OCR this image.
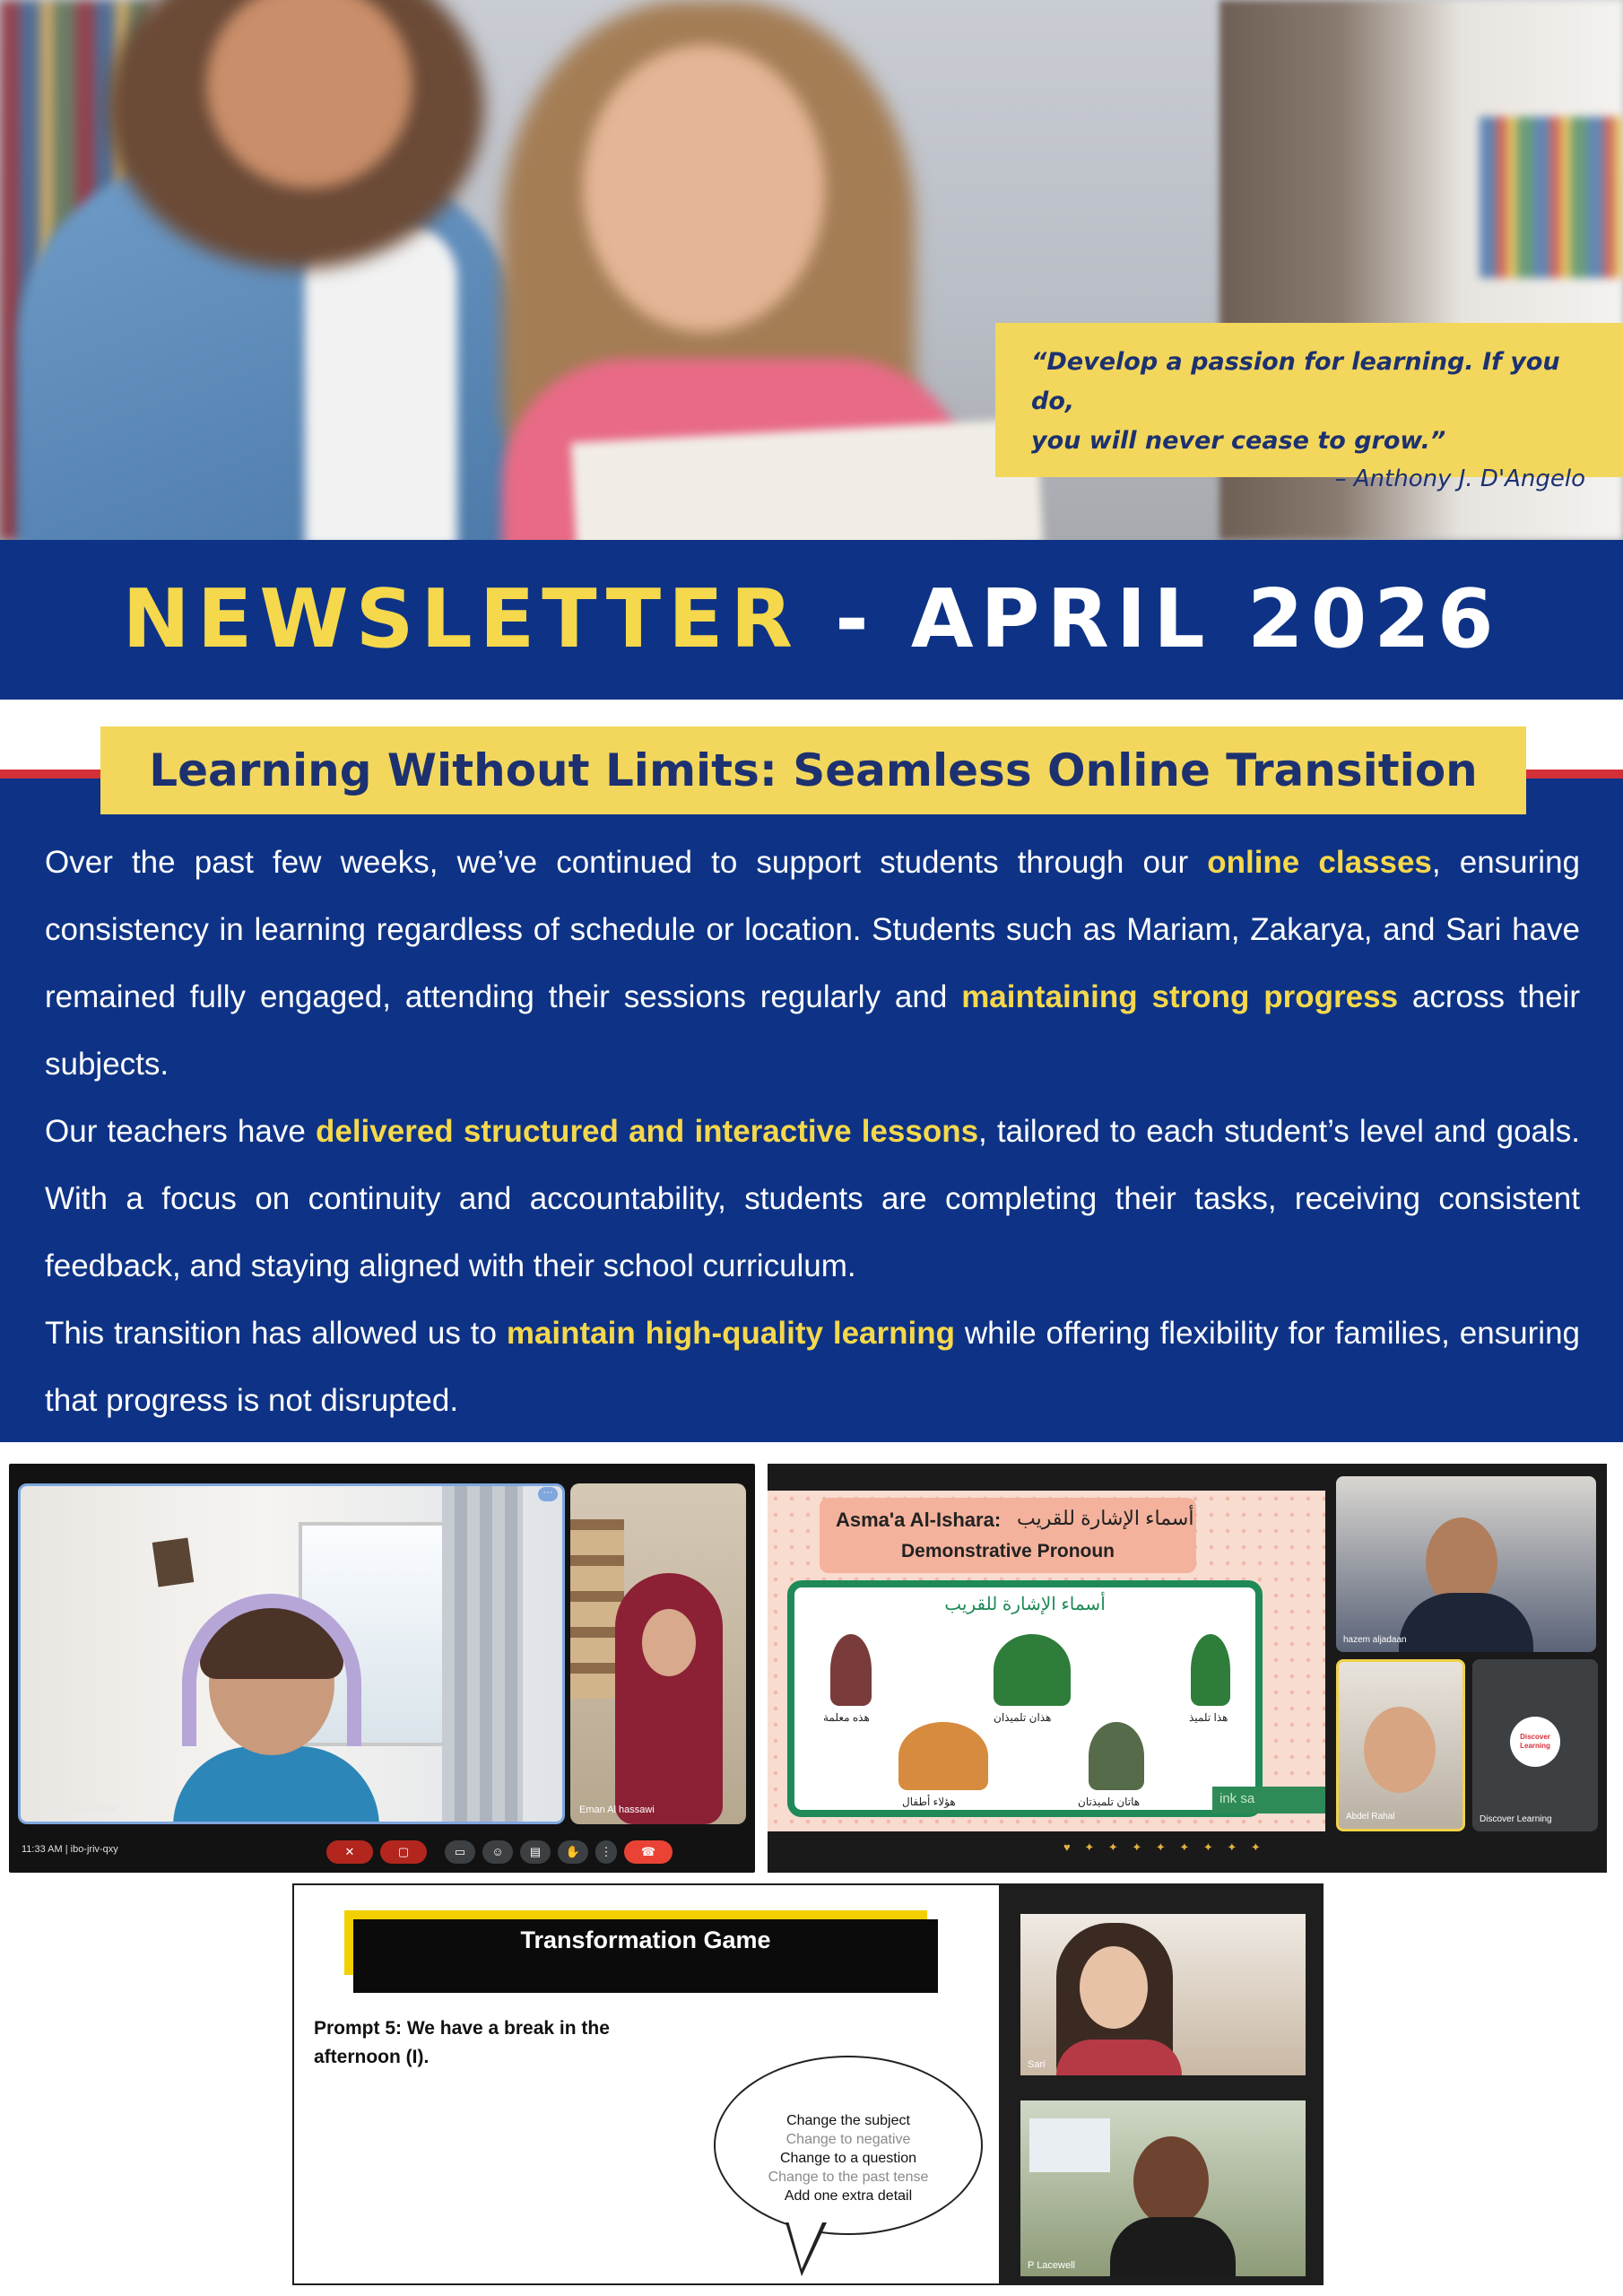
“Develop a passion for learning. If you do,
you will never cease to grow.”
– Anthony J. D'Angelo
NEWSLETTER - APRIL 2026
Learning Without Limits: Seamless Online Transition

Over the past few weeks, we’ve continued to support students through our online classes, ensuring consistency in learning regardless of schedule or location. Students such as Mariam, Zakarya, and Sari have remained fully engaged, attending their sessions regularly and maintaining strong progress across their subjects.

Our teachers have delivered structured and interactive lessons, tailored to each student’s level and goals. With a focus on continuity and accountability, students are completing their tasks, receiving consistent feedback, and staying aligned with their school curriculum.

This transition has allowed us to maintain high-quality learning while offering flexibility for families, ensuring that progress is not disrupted.

Zakaria Bouzoubaa
···
Eman Al hassawi
11:33 AM | ibo-jriv-qxy	✕	▢	▭	☺	▤	✋	⋮	☎
Asma'a Al-Ishara: أسماء الإشارة للقريب
Demonstrative Pronoun
أسماء الإشارة للقريب
هذه معلمة	هذان تلميذان	هذا تلميذ
هؤلاء أطفال	هاتان تلميذتان	ink sa
hazem aljadaan
Abdel Rahal
Discover Learning
Discover Learning
♥ ✦ ✦ ✦ ✦ ✦ ✦ ✦ ✦
Transformation Game
Prompt 5: We have a break in the
afternoon (I).
Change the subject
Change to negative
Change to a question
Change to the past tense
Add one extra detail
Sari
P Lacewell
